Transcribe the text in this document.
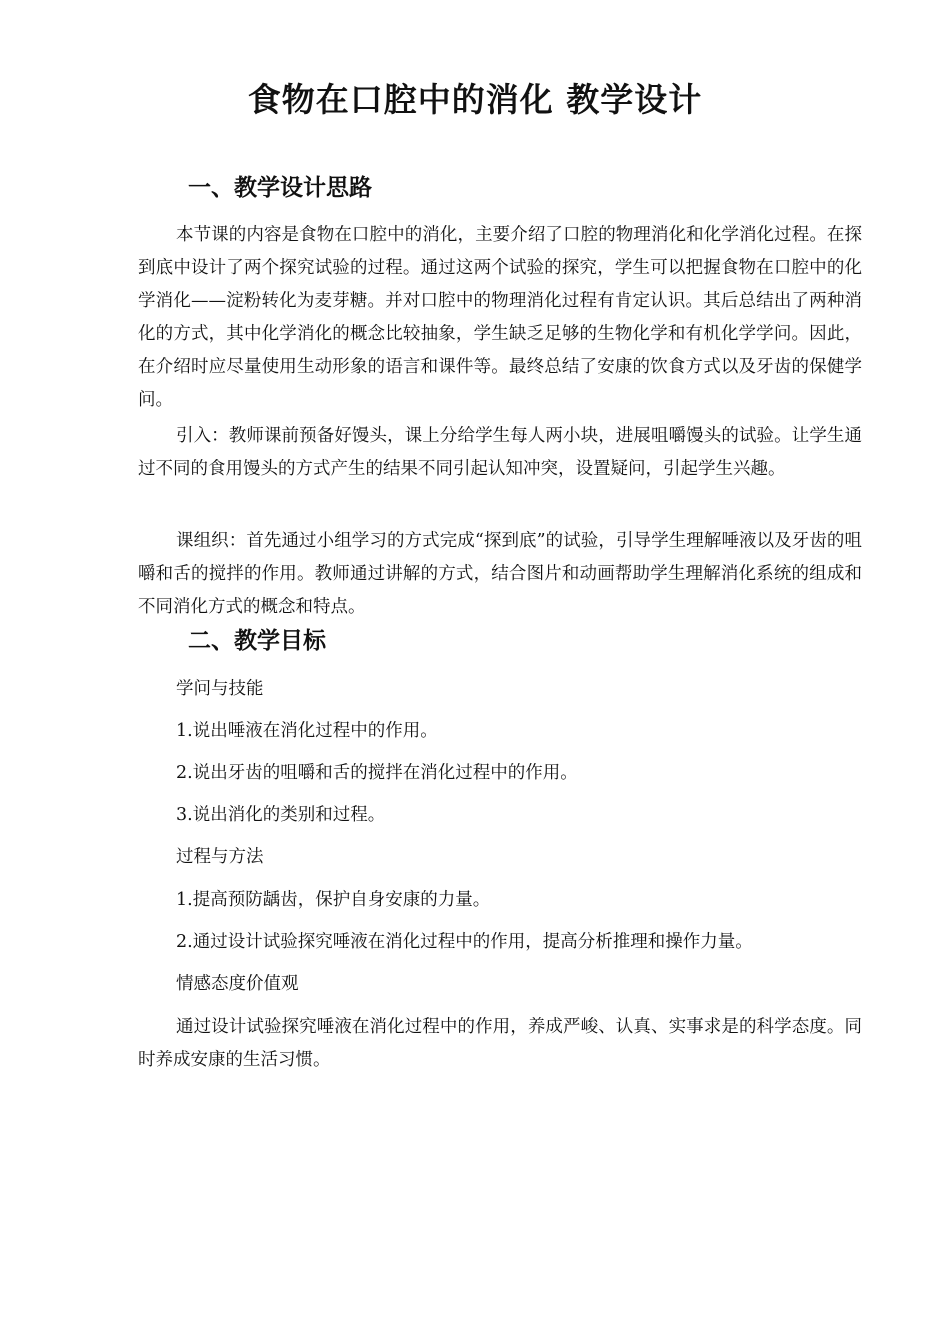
食物在口腔中的消化 教学设计
一、教学设计思路

本节课的内容是食物在口腔中的消化，主要介绍了口腔的物理消化和化学消化过程。在探到底中设计了两个探究试验的过程。通过这两个试验的探究，学生可以把握食物在口腔中的化学消化——淀粉转化为麦芽糖。并对口腔中的物理消化过程有肯定认识。其后总结出了两种消化的方式，其中化学消化的概念比较抽象，学生缺乏足够的生物化学和有机化学学问。因此，在介绍时应尽量使用生动形象的语言和课件等。最终总结了安康的饮食方式以及牙齿的保健学问。

引入：教师课前预备好馒头，课上分给学生每人两小块，进展咀嚼馒头的试验。让学生通过不同的食用馒头的方式产生的结果不同引起认知冲突，设置疑问，引起学生兴趣。

课组织：首先通过小组学习的方式完成“探到底”的试验，引导学生理解唾液以及牙齿的咀嚼和舌的搅拌的作用。教师通过讲解的方式，结合图片和动画帮助学生理解消化系统的组成和不同消化方式的概念和特点。

二、教学目标

学问与技能

1.说出唾液在消化过程中的作用。

2.说出牙齿的咀嚼和舌的搅拌在消化过程中的作用。

3.说出消化的类别和过程。

过程与方法

1.提高预防龋齿，保护自身安康的力量。

2.通过设计试验探究唾液在消化过程中的作用，提高分析推理和操作力量。

情感态度价值观

通过设计试验探究唾液在消化过程中的作用，养成严峻、认真、实事求是的科学态度。同时养成安康的生活习惯。
